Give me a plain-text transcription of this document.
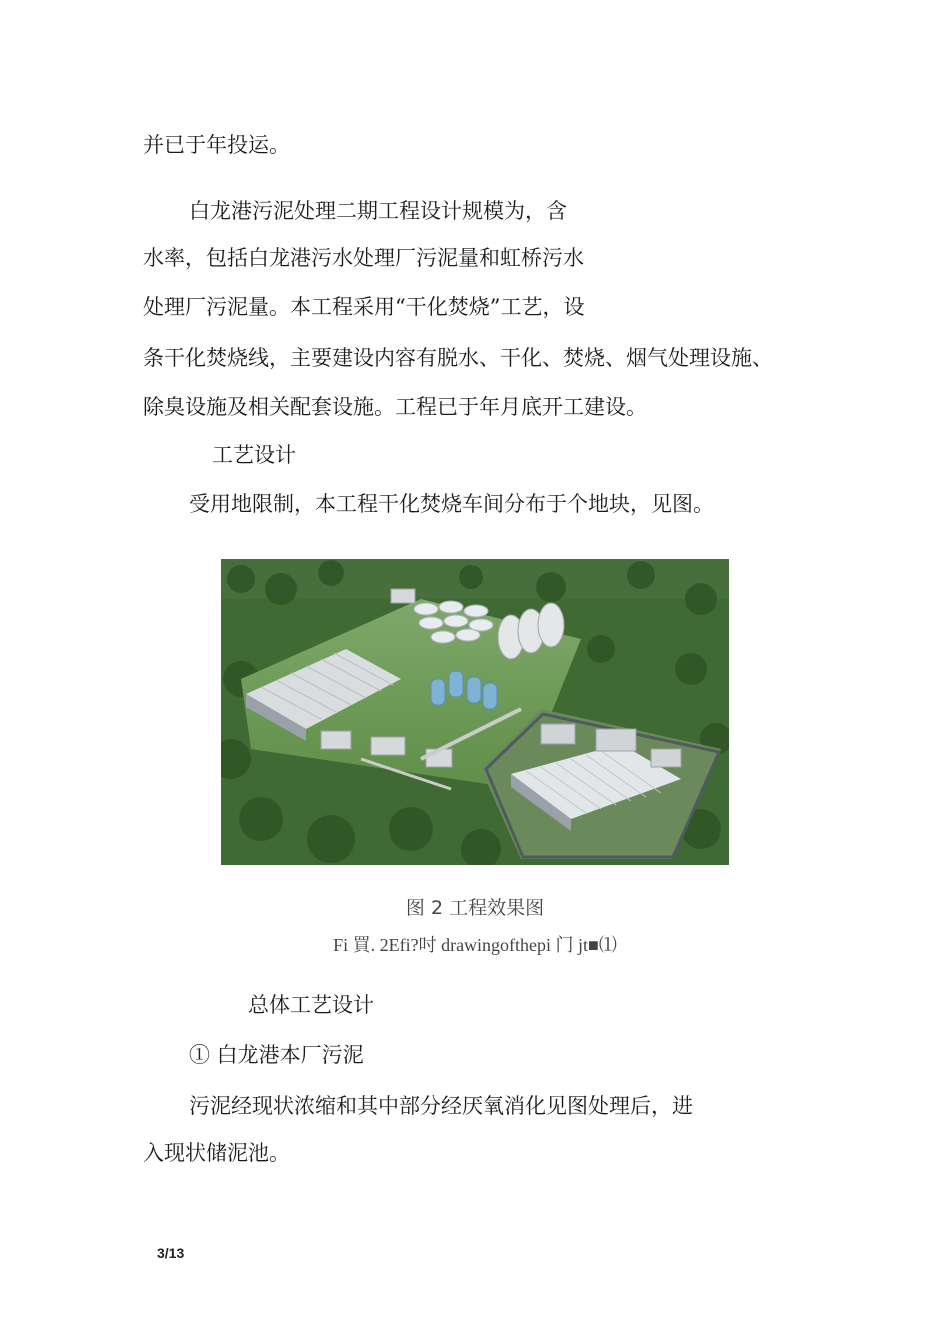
并已于年投运。
白龙港污泥处理二期工程设计规模为，含
水率，包括白龙港污水处理厂污泥量和虹桥污水
处理厂污泥量。本工程采用“干化焚烧”工艺，设
条干化焚烧线，主要建设内容有脱水、干化、焚烧、烟气处理设施、
除臭设施及相关配套设施。工程已于年月底开工建设。
工艺设计
受用地限制，本工程干化焚烧车间分布于个地块，见图。
图 2 工程效果图
Fi 買. 2Efi?吋 drawingofthepi 门 jt■⑴
总体工艺设计
① 白龙港本厂污泥
污泥经现状浓缩和其中部分经厌氧消化见图处理后，进
入现状储泥池。
3/13
